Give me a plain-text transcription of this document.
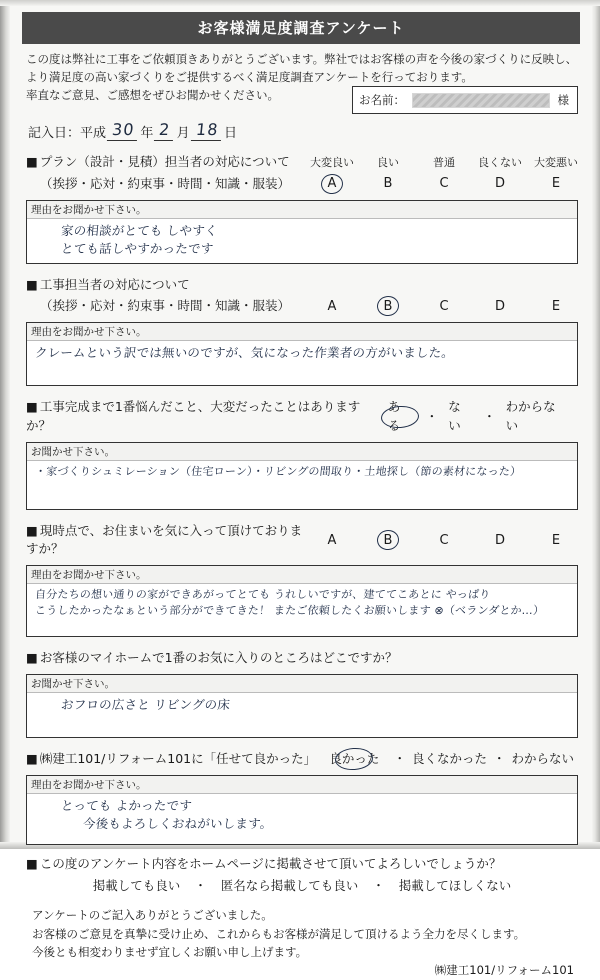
お客様満足度調査アンケート
この度は弊社に工事をご依頼頂きありがとうございます。弊社ではお客様の声を今後の家づくりに反映し、
より満足度の高い家づくりをご提供するべく満足度調査アンケートを行っております。
率直なご意見、ご感想をぜひお聞かせください。	お名前：	様
記入日：平成 30 年 2 月 18 日
■ プラン（設計・見積）担当者の対応について 大変良い	良い	普通	良くない 大変悪い
（挨拶・応対・約束事・時間・知識・服装）	A	B	C	D	E
理由をお聞かせ下さい。
家の相談がとても しやすく
とても話しやすかったです
■ 工事担当者の対応について
（挨拶・応対・約束事・時間・知識・服装）	A	B	C	D	E
理由をお聞かせ下さい。
クレームという訳では無いのですが、気になった作業者の方がいました。
■ 工事完成まで1番悩んだこと、大変だったことはありますか？
ある
・
ない
・
わからない
お聞かせ下さい。
・家づくりシュミレーション（住宅ローン）・リビングの間取り・土地探し（節の素材になった）
■ 現時点で、お住まいを気に入って頂けておりますか？
A	B	C	D	E
理由をお聞かせ下さい。
自分たちの想い通りの家ができあがってとても うれしいですが、建ててこあとに やっぱり
こうしたかったなぁという部分ができてきた！ またご依頼したくお願いします ⊗（ベランダとか…）
■ お客様のマイホームで1番のお気に入りのところはどこですか？
お聞かせ下さい。
おフロの広さと リビングの床
■ ㈱建工101/リフォーム101に「任せて良かった」	良かった	・ 良くなかった ・ わからない
理由をお聞かせ下さい。
とっても よかったです
今後もよろしくおねがいします。
■ この度のアンケート内容をホームページに掲載させて頂いてよろしいでしょうか？
掲載しても良い ・ 匿名なら掲載しても良い ・ 掲載してほしくない
アンケートのご記入ありがとうございました。
お客様のご意見を真摯に受け止め、これからもお客様が満足して頂けるよう全力を尽くします。
今後とも相変わりませず宜しくお願い申し上げます。
㈱建工101/リフォーム101
